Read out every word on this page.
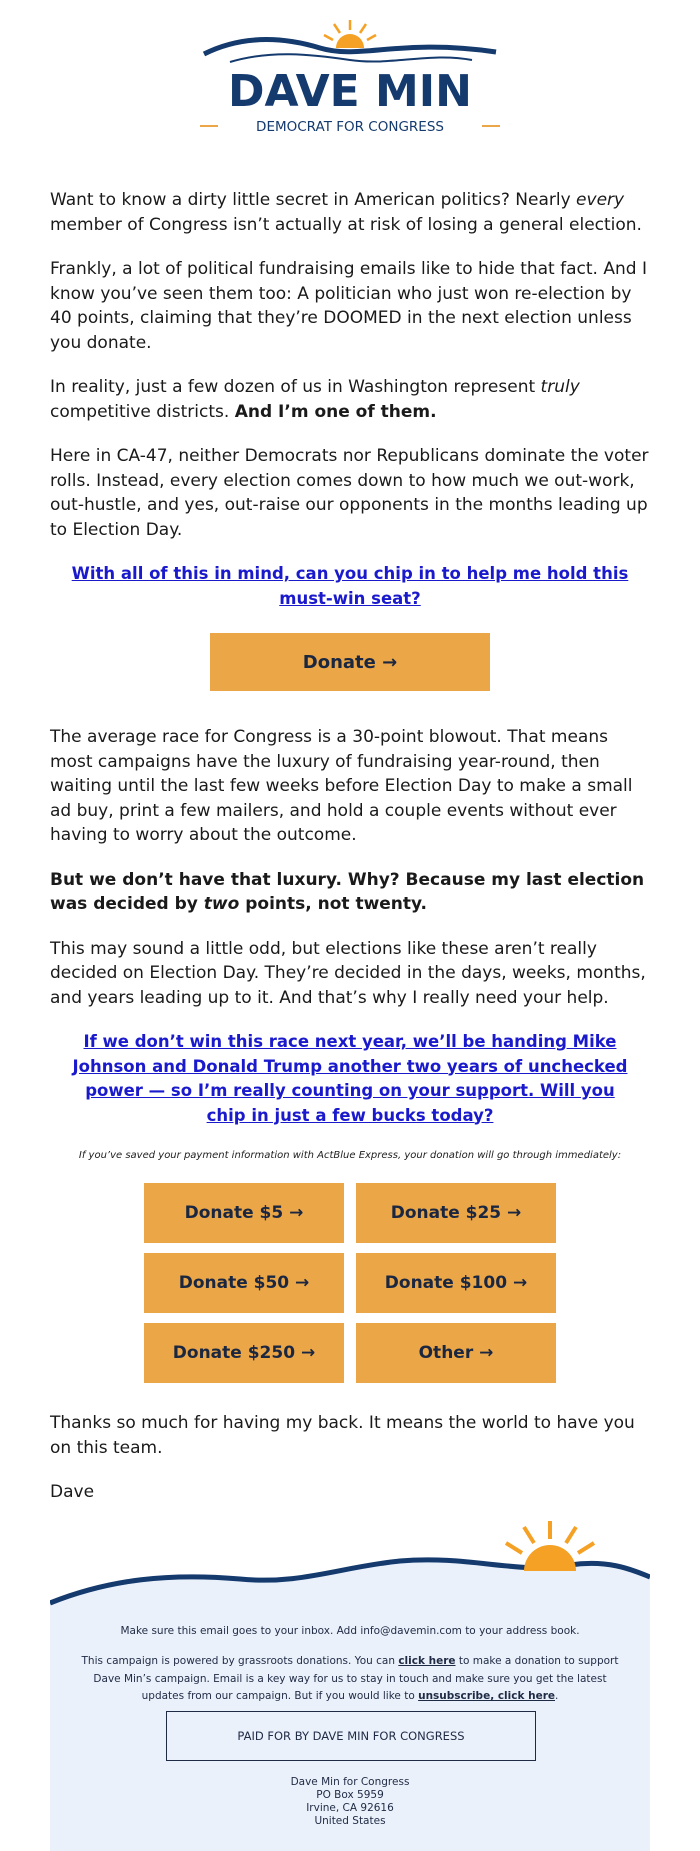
DAVE MIN
DEMOCRAT FOR CONGRESS

Want to know a dirty little secret in American politics? Nearly every member of Congress isn’t actually at risk of losing a general election.

Frankly, a lot of political fundraising emails like to hide that fact. And I know you’ve seen them too: A politician who just won re-election by 40 points, claiming that they’re DOOMED in the next election unless you donate.

In reality, just a few dozen of us in Washington represent truly competitive districts. And I’m one of them.

Here in CA-47, neither Democrats nor Republicans dominate the voter rolls. Instead, every election comes down to how much we out-work, out-hustle, and yes, out-raise our opponents in the months leading up to Election Day.

With all of this in mind, can you chip in to help me hold this must-win seat?
Donate →

The average race for Congress is a 30-point blowout. That means most campaigns have the luxury of fundraising year-round, then waiting until the last few weeks before Election Day to make a small ad buy, print a few mailers, and hold a couple events without ever having to worry about the outcome.

But we don’t have that luxury. Why? Because my last election was decided by two points, not twenty.

This may sound a little odd, but elections like these aren’t really decided on Election Day. They’re decided in the days, weeks, months, and years leading up to it. And that’s why I really need your help.

If we don’t win this race next year, we’ll be handing Mike Johnson and Donald Trump another two years of unchecked power — so I’m really counting on your support. Will you chip in just a few bucks today?

If you’ve saved your payment information with ActBlue Express, your donation will go through immediately:

Donate $5 →	Donate $25 →
Donate $50 →	Donate $100 →
Donate $250 →	Other →

Thanks so much for having my back. It means the world to have you on this team.

Dave

Make sure this email goes to your inbox. Add info@davemin.com to your address book.

This campaign is powered by grassroots donations. You can click here to make a donation to support Dave Min’s campaign. Email is a key way for us to stay in touch and make sure you get the latest updates from our campaign. But if you would like to unsubscribe, click here.

PAID FOR BY DAVE MIN FOR CONGRESS
Dave Min for Congress
PO Box 5959
Irvine, CA 92616
United States
